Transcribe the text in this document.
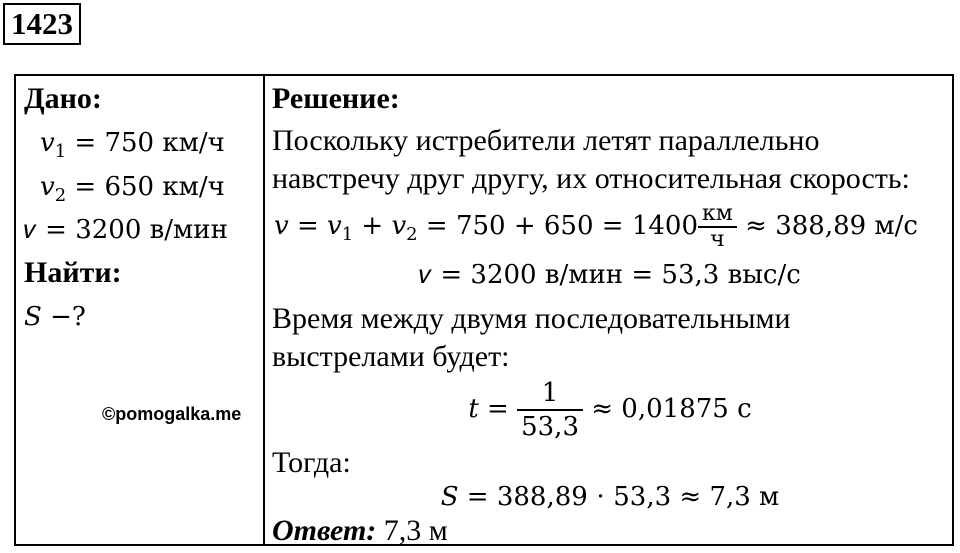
1423
Дано:
𝑣$_1$ = 750 км/ч
𝑣$_2$ = 650 км/ч
𝜈 = 3200 в/мин
Найти:
𝑆 −?
Решение:
Поскольку истребители летят параллельно
навстречу друг другу, их относительная скорость:
𝑣 = 𝑣$_1$ + 𝑣$_2$ = $750 + 650 = 1400 \frac{км}{ч} \approx 388,89$ м/с
𝜈 = 3200 в/мин = 53,3 выс/с
Время между двумя последовательными
выстрелами будет:
𝑡 = $\frac{1}{53,3} \approx 0,01875$ с
Тогда:
𝑆 = 388,89 ⋅ 53,3 ≈ 7,3 м
Ответ: 7,3 м
©pomogalka.me
